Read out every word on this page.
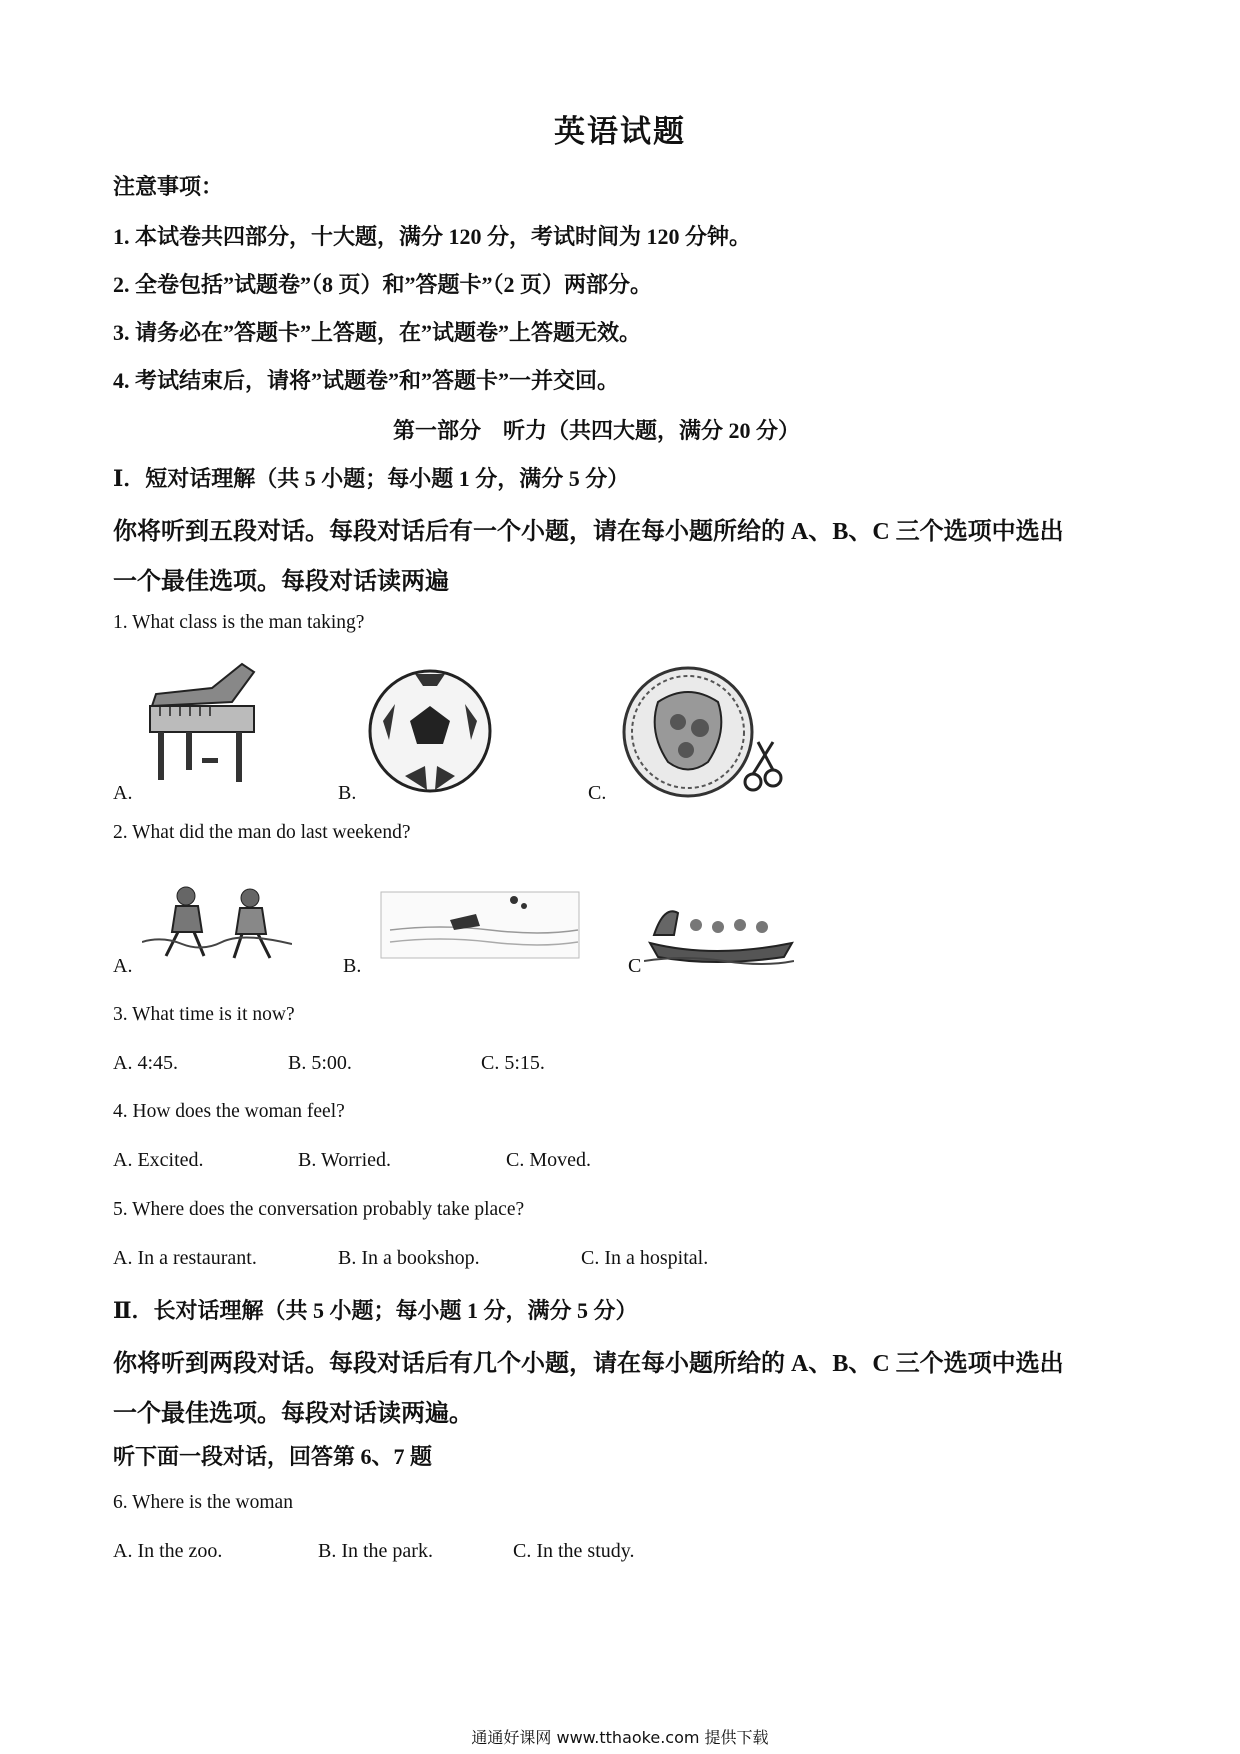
英语试题
注意事项：
1. 本试卷共四部分，十大题，满分 120 分，考试时间为 120 分钟。
2. 全卷包括”试题卷”（8 页）和”答题卡”（2 页）两部分。
3. 请务必在”答题卡”上答题，在”试题卷”上答题无效。
4. 考试结束后，请将”试题卷”和”答题卡”一并交回。
第一部分　听力（共四大题，满分 20 分）
Ⅰ．短对话理解（共 5 小题；每小题 1 分，满分 5 分）
你将听到五段对话。每段对话后有一个小题，请在每小题所给的 A、B、C 三个选项中选出
一个最佳选项。每段对话读两遍
1. What class is the man taking?
A.	B.	C.
2. What did the man do last weekend?
A.	B.	C
3. What time is it now?
A. 4:45.	B. 5:00.	C. 5:15.
4. How does the woman feel?
A. Excited.	B. Worried.	C. Moved.
5. Where does the conversation probably take place?
A. In a restaurant.	B. In a bookshop.	C. In a hospital.
Ⅱ．长对话理解（共 5 小题；每小题 1 分，满分 5 分）
你将听到两段对话。每段对话后有几个小题，请在每小题所给的 A、B、C 三个选项中选出
一个最佳选项。每段对话读两遍。
听下面一段对话，回答第 6、7 题
6. Where is the woman
A. In the zoo.	B. In the park.	C. In the study.
通通好课网 www.tthaoke.com 提供下载
